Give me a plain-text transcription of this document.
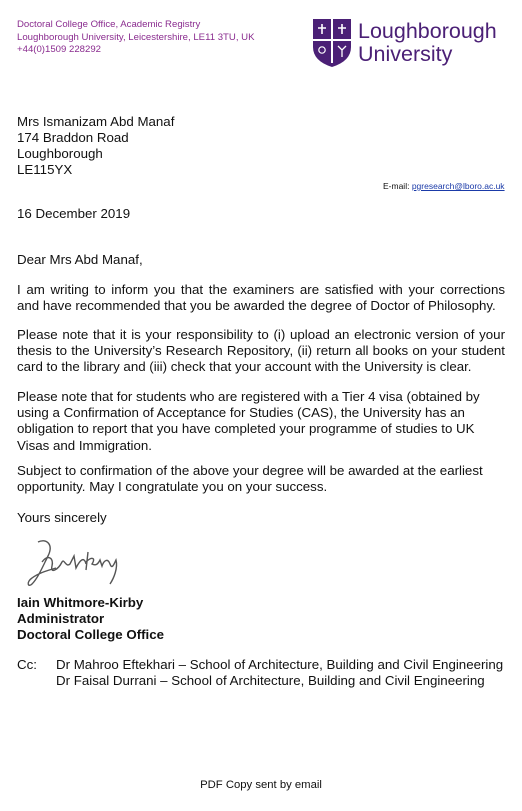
Doctoral College Office, Academic Registry
Loughborough University, Leicestershire, LE11 3TU, UK
+44(0)1509 228292
Loughborough
University
Mrs Ismanizam Abd Manaf
174 Braddon Road
Loughborough
LE115YX
E-mail: pgresearch@lboro.ac.uk
16 December 2019
Dear Mrs Abd Manaf,

I am writing to inform you that the examiners are satisfied with your corrections and have recommended that you be awarded the degree of Doctor of Philosophy.

Please note that it is your responsibility to (i) upload an electronic version of your thesis to the University’s Research Repository, (ii) return all books on your student card to the library and (iii) check that your account with the University is clear.

Please note that for students who are registered with a Tier 4 visa (obtained by using a Confirmation of Acceptance for Studies (CAS), the University has an obligation to report that you have completed your programme of studies to UK Visas and Immigration.

Subject to confirmation of the above your degree will be awarded at the earliest opportunity. May I congratulate you on your success.

Yours sincerely
Iain Whitmore-Kirby
Administrator
Doctoral College Office
Cc: Dr Mahroo Eftekhari – School of Architecture, Building and Civil Engineering
Dr Faisal Durrani – School of Architecture, Building and Civil Engineering
PDF Copy sent by email
